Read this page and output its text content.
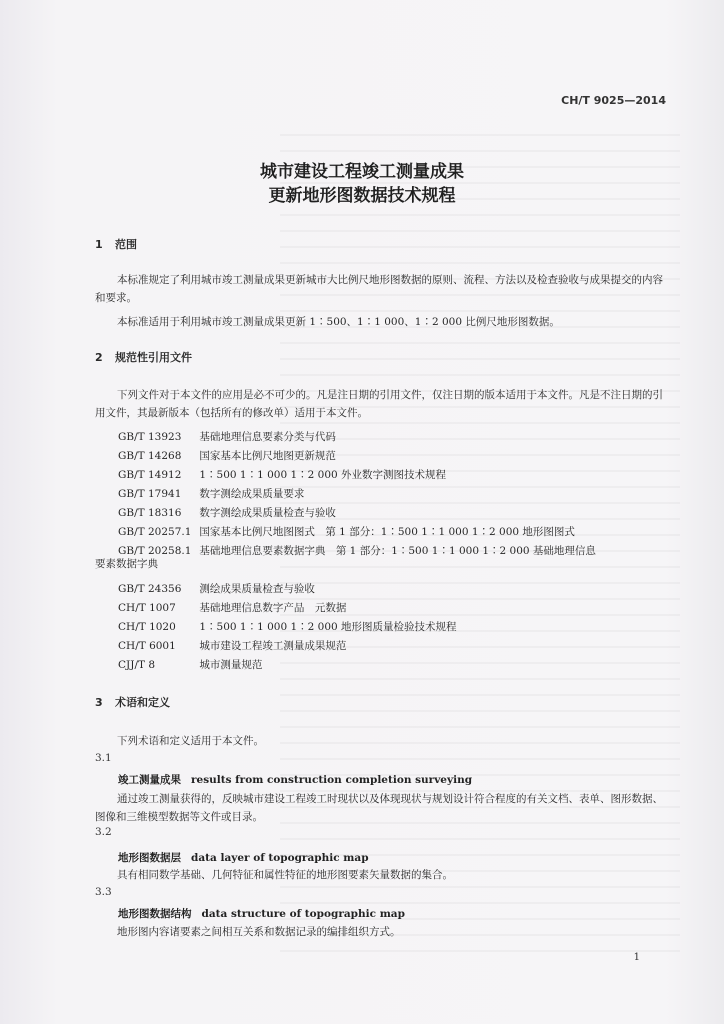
CH/T 9025—2014
城市建设工程竣工测量成果
更新地形图数据技术规程
1 范围
本标准规定了利用城市竣工测量成果更新城市大比例尺地形图数据的原则、流程、方法以及检查验收与成果提交的内容和要求。
本标准适用于利用城市竣工测量成果更新 1∶500、1∶1 000、1∶2 000 比例尺地形图数据。
2 规范性引用文件
下列文件对于本文件的应用是必不可少的。凡是注日期的引用文件，仅注日期的版本适用于本文件。凡是不注日期的引用文件，其最新版本（包括所有的修改单）适用于本文件。
GB/T 13923 基础地理信息要素分类与代码
GB/T 14268 国家基本比例尺地图更新规范
GB/T 14912 1∶500 1∶1 000 1∶2 000 外业数字测图技术规程
GB/T 17941 数字测绘成果质量要求
GB/T 18316 数字测绘成果质量检查与验收
GB/T 20257.1 国家基本比例尺地图图式　第 1 部分：1∶500 1∶1 000 1∶2 000 地形图图式
GB/T 20258.1 基础地理信息要素数据字典　第 1 部分：1∶500 1∶1 000 1∶2 000 基础地理信息
要素数据字典
GB/T 24356 测绘成果质量检查与验收
CH/T 1007 基础地理信息数字产品　元数据
CH/T 1020 1∶500 1∶1 000 1∶2 000 地形图质量检验技术规程
CH/T 6001 城市建设工程竣工测量成果规范
CJJ/T 8	城市测量规范
3 术语和定义
下列术语和定义适用于本文件。
3.1
竣工测量成果 results from construction completion surveying
通过竣工测量获得的，反映城市建设工程竣工时现状以及体现现状与规划设计符合程度的有关文档、表单、图形数据、图像和三维模型数据等文件或目录。
3.2
地形图数据层 data layer of topographic map
具有相同数学基础、几何特征和属性特征的地形图要素矢量数据的集合。
3.3
地形图数据结构 data structure of topographic map
地形图内容诸要素之间相互关系和数据记录的编排组织方式。
1
